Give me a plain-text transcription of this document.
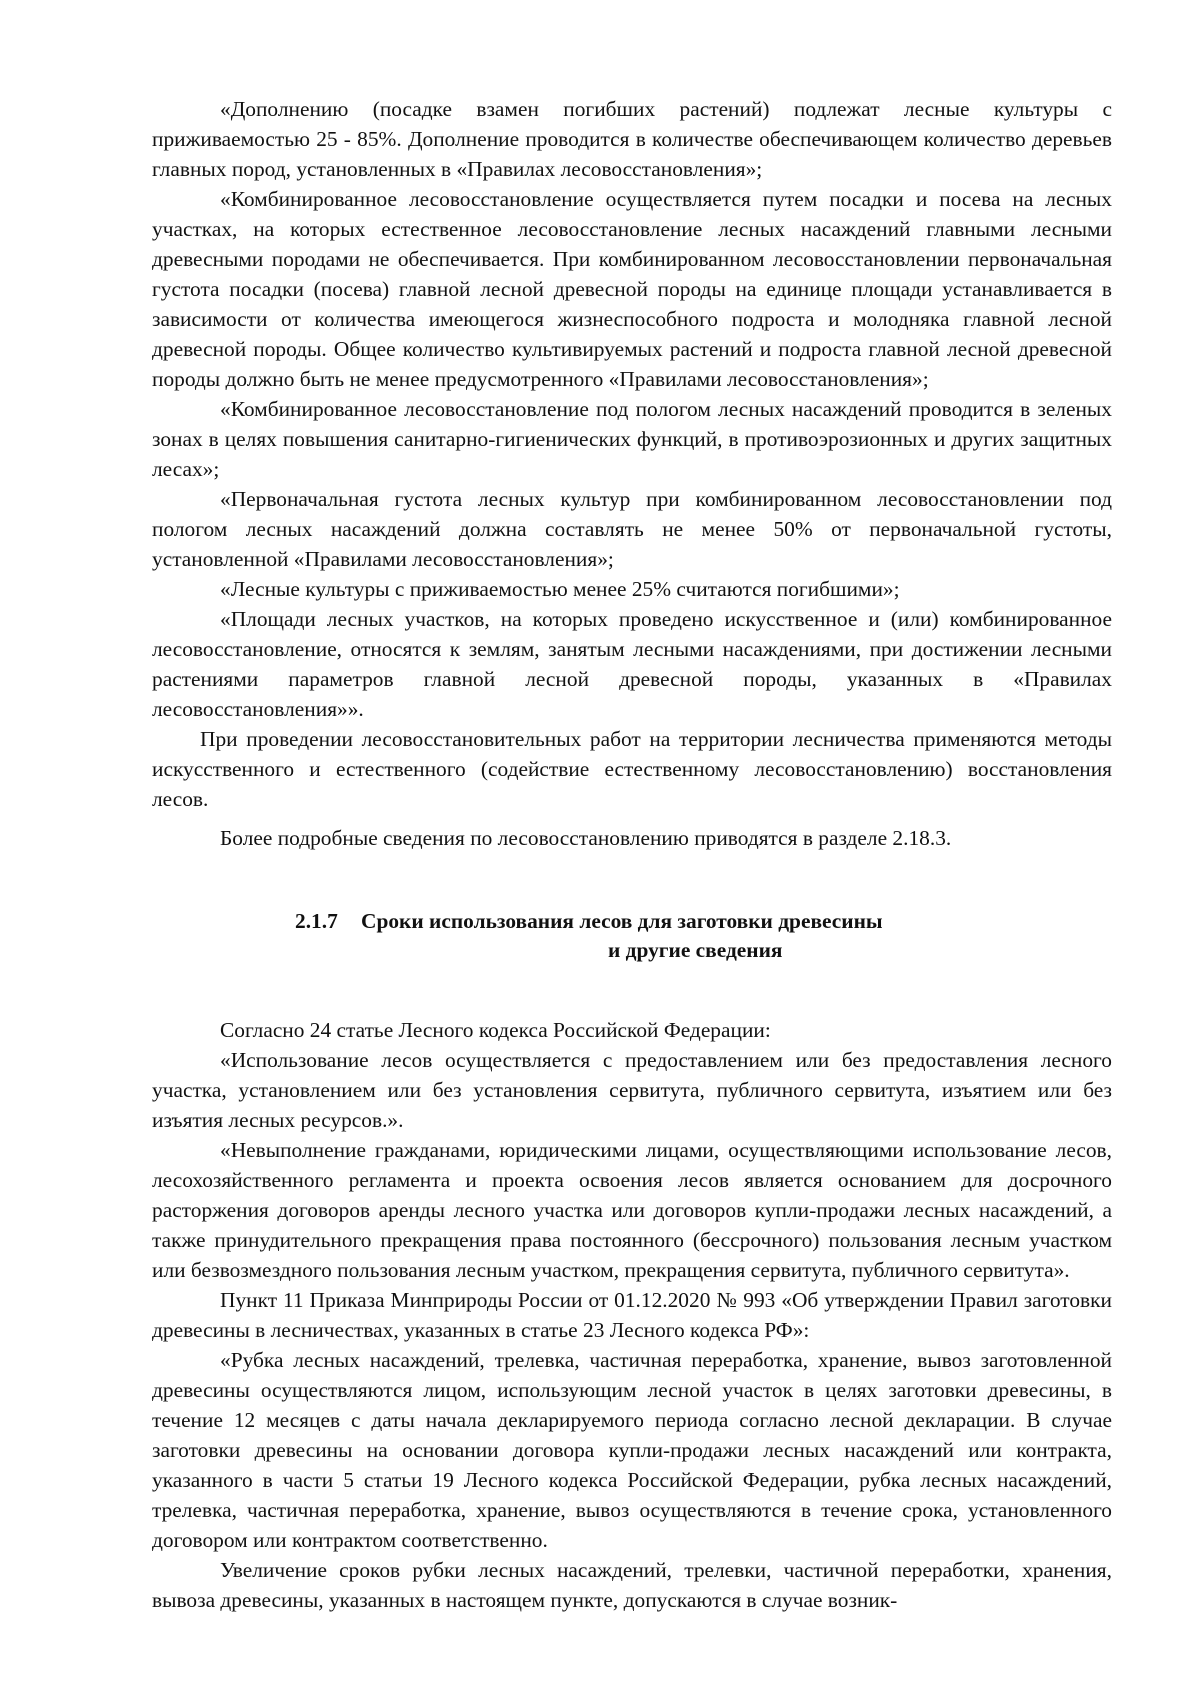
«Дополнению (посадке взамен погибших растений) подлежат лесные культуры с приживаемостью 25 - 85%. Дополнение проводится в количестве обеспечивающем количество деревьев главных пород, установленных в «Правилах лесовосстановления»;

«Комбинированное лесовосстановление осуществляется путем посадки и посева на лесных участках, на которых естественное лесовосстановление лесных насаждений главными лесными древесными породами не обеспечивается. При комбинированном лесовосстановлении первоначальная густота посадки (посева) главной лесной древесной породы на единице площади устанавливается в зависимости от количества имеющегося жизнеспособного подроста и молодняка главной лесной древесной породы. Общее количество культивируемых растений и подроста главной лесной древесной породы должно быть не менее предусмотренного «Правилами лесовосстановления»;

«Комбинированное лесовосстановление под пологом лесных насаждений проводится в зеленых зонах в целях повышения санитарно-гигиенических функций, в противоэрозионных и других защитных лесах»;

«Первоначальная густота лесных культур при комбинированном лесовосстановлении под пологом лесных насаждений должна составлять не менее 50% от первоначальной густоты, установленной «Правилами лесовосстановления»;

«Лесные культуры с приживаемостью менее 25% считаются погибшими»;

«Площади лесных участков, на которых проведено искусственное и (или) комбинированное лесовосстановление, относятся к землям, занятым лесными насаждениями, при достижении лесными растениями параметров главной лесной древесной породы, указанных в «Правилах лесовосстановления»».

При проведении лесовосстановительных работ на территории лесничества применяются методы искусственного и естественного (содействие естественному лесовосстановлению) восстановления лесов.

Более подробные сведения по лесовосстановлению приводятся в разделе 2.18.3.

2.1.7 Сроки использования лесов для заготовки древесины
и другие сведения

Согласно 24 статье Лесного кодекса Российской Федерации:

«Использование лесов осуществляется с предоставлением или без предоставления лесного участка, установлением или без установления сервитута, публичного сервитута, изъятием или без изъятия лесных ресурсов.».

«Невыполнение гражданами, юридическими лицами, осуществляющими использование лесов, лесохозяйственного регламента и проекта освоения лесов является основанием для досрочного расторжения договоров аренды лесного участка или договоров купли-продажи лесных насаждений, а также принудительного прекращения права постоянного (бессрочного) пользования лесным участком или безвозмездного пользования лесным участком, прекращения сервитута, публичного сервитута».

Пункт 11 Приказа Минприроды России от 01.12.2020 № 993 «Об утверждении Правил заготовки древесины в лесничествах, указанных в статье 23 Лесного кодекса РФ»:

«Рубка лесных насаждений, трелевка, частичная переработка, хранение, вывоз заготовленной древесины осуществляются лицом, использующим лесной участок в целях заготовки древесины, в течение 12 месяцев с даты начала декларируемого периода согласно лесной декларации. В случае заготовки древесины на основании договора купли-продажи лесных насаждений или контракта, указанного в части 5 статьи 19 Лесного кодекса Российской Федерации, рубка лесных насаждений, трелевка, частичная переработка, хранение, вывоз осуществляются в течение срока, установленного договором или контрактом соответственно.

Увеличение сроков рубки лесных насаждений, трелевки, частичной переработки, хранения, вывоза древесины, указанных в настоящем пункте, допускаются в случае возник-
